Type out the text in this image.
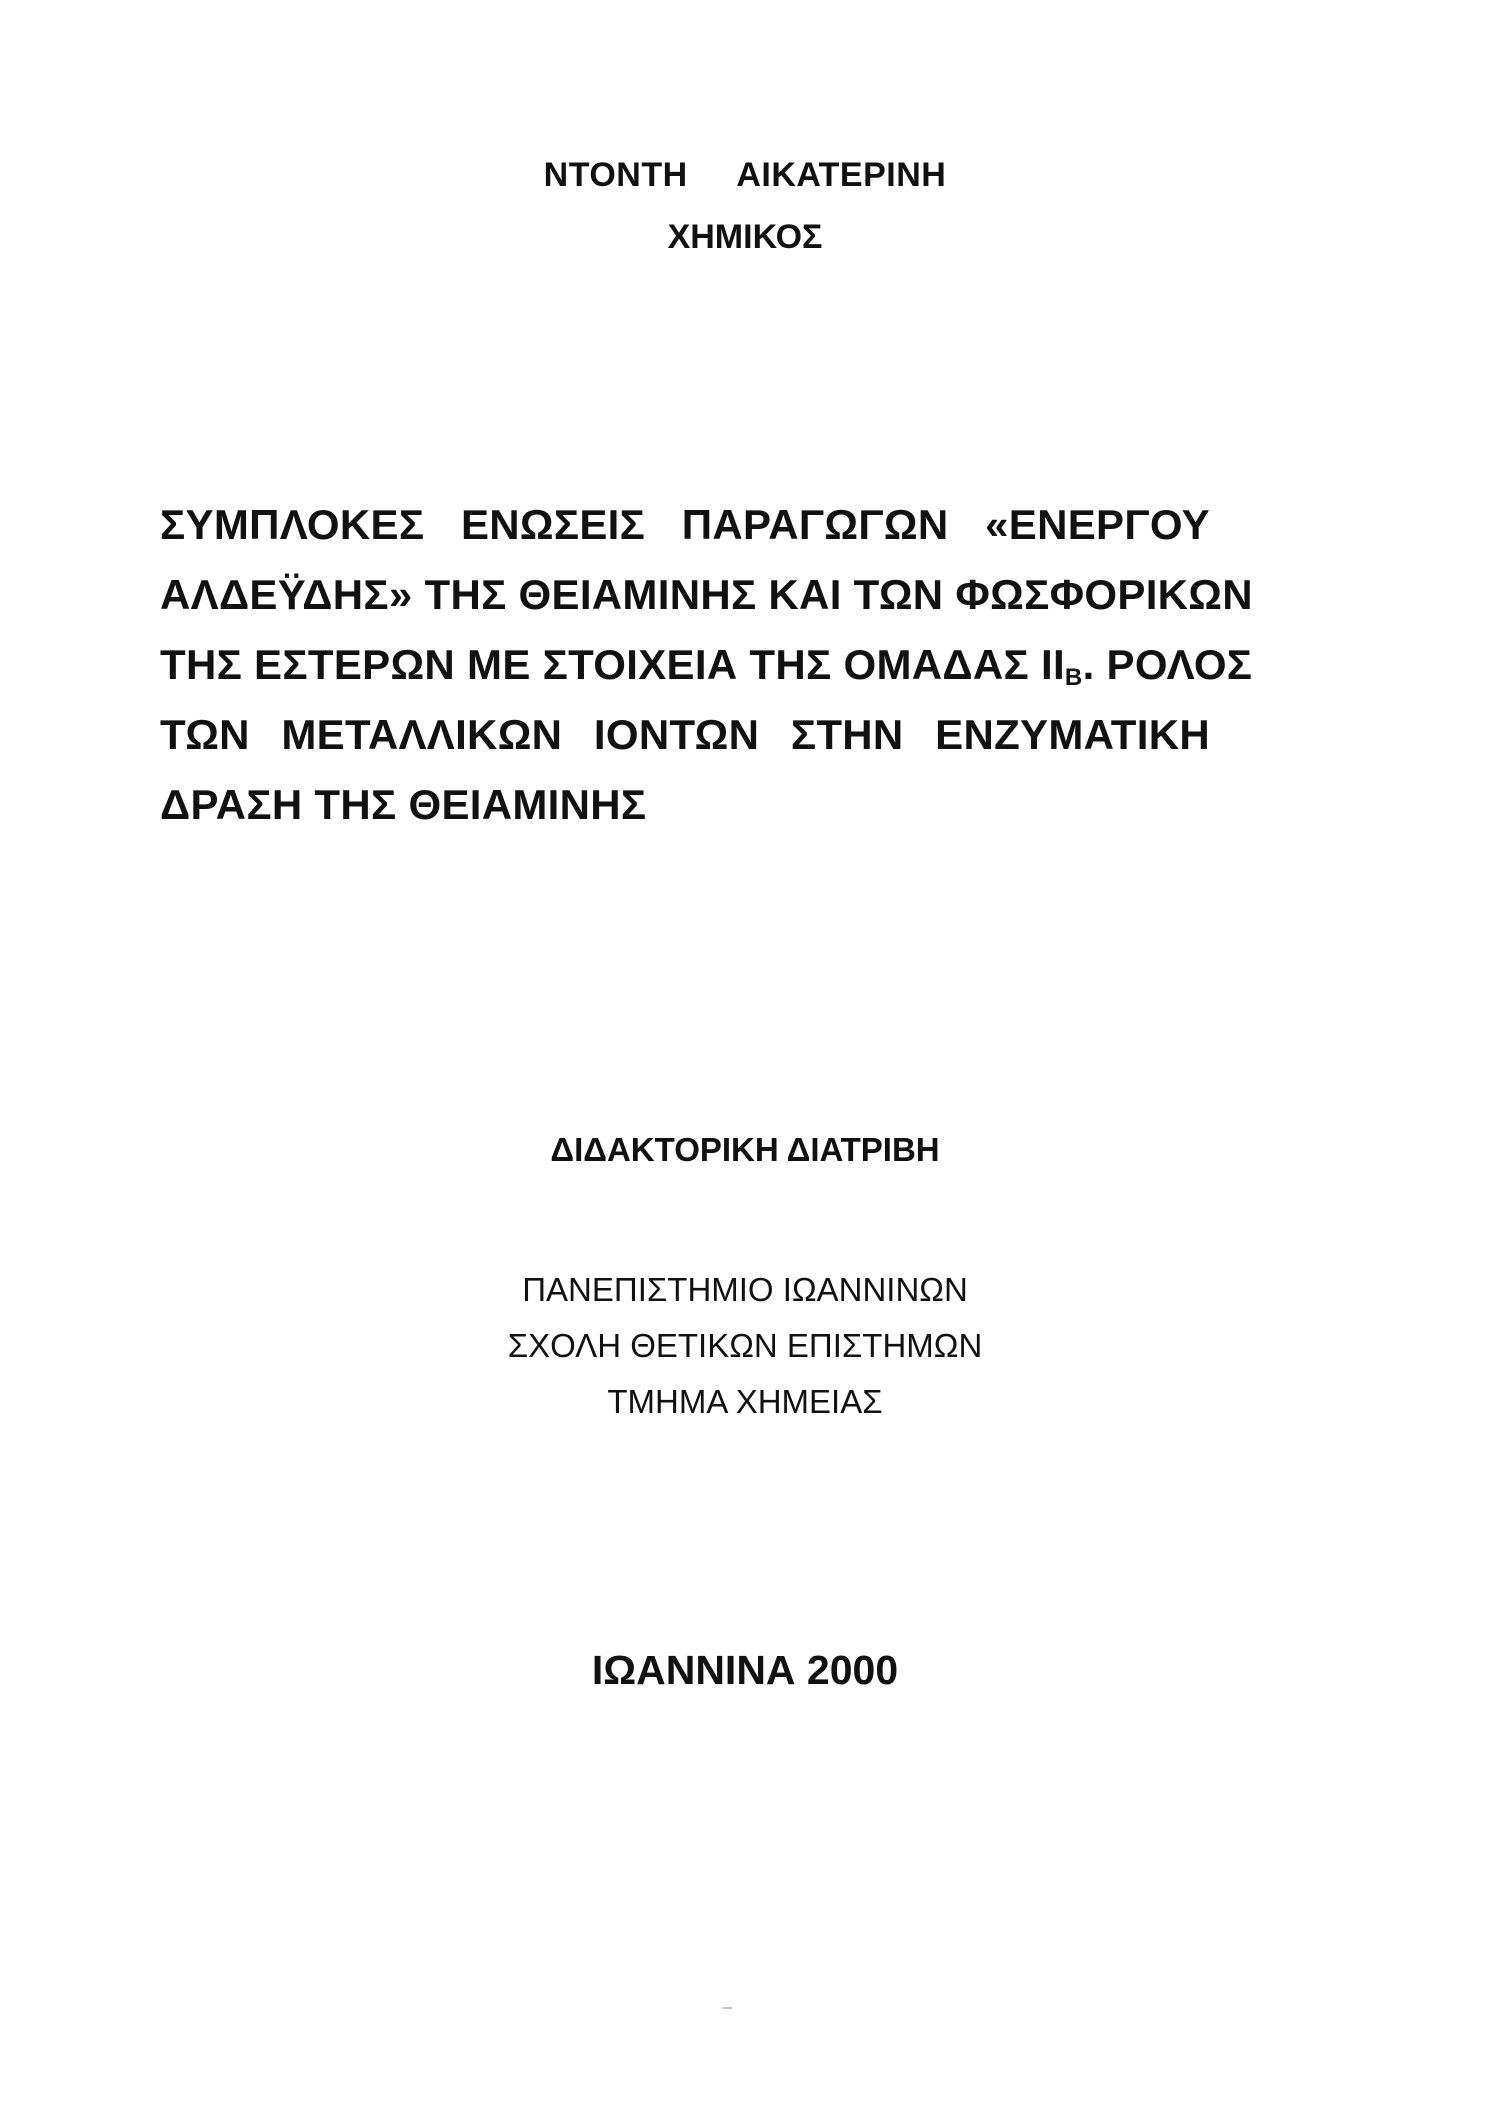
ΝΤΟΝΤΗ ΑΙΚΑΤΕΡΙΝΗ
ΧΗΜΙΚΟΣ
ΣΥΜΠΛΟΚΕΣ ΕΝΩΣΕΙΣ ΠΑΡΑΓΩΓΩΝ «ΕΝΕΡΓΟΥ
ΑΛΔΕΫΔΗΣ» ΤΗΣ ΘΕΙΑΜΙΝΗΣ ΚΑΙ ΤΩΝ ΦΩΣΦΟΡΙΚΩΝ
ΤΗΣ ΕΣΤΕΡΩΝ ΜΕ ΣΤΟΙΧΕΙΑ ΤΗΣ ΟΜΑΔΑΣ $II_B$. ΡΟΛΟΣ
ΤΩΝ ΜΕΤΑΛΛΙΚΩΝ ΙΟΝΤΩΝ ΣΤΗΝ ΕΝΖΥΜΑΤΙΚΗ
ΔΡΑΣΗ ΤΗΣ ΘΕΙΑΜΙΝΗΣ
ΔΙΔΑΚΤΟΡΙΚΗ ΔΙΑΤΡΙΒΗ
ΠΑΝΕΠΙΣΤΗΜΙΟ ΙΩΑΝΝΙΝΩΝ
ΣΧΟΛΗ ΘΕΤΙΚΩΝ ΕΠΙΣΤΗΜΩΝ
ΤΜΗΜΑ ΧΗΜΕΙΑΣ
ΙΩΑΝΝΙΝΑ 2000
